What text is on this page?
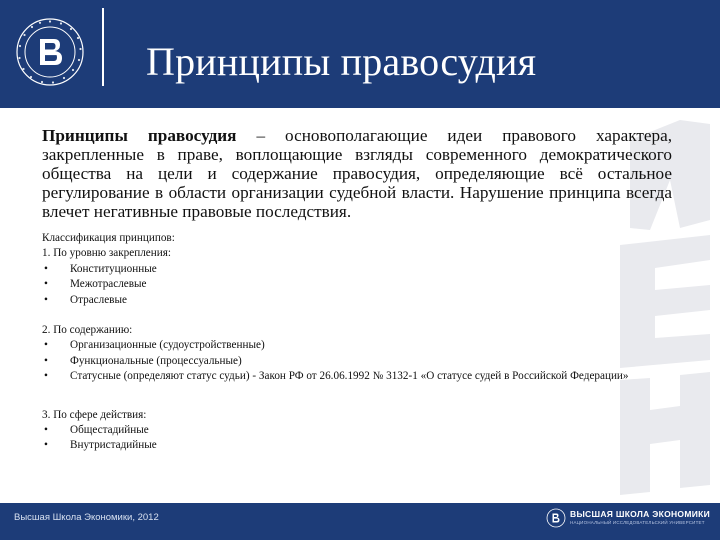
Принципы правосудия

Принципы правосудия – основополагающие идеи правового характера, закрепленные в праве, воплощающие взгляды современного демократического общества на цели и содержание правосудия, определяющие всё остальное регулирование в области организации судебной власти. Нарушение принципа всегда влечет негативные правовые последствия.

Классификация принципов:
1. По уровню закрепления:
• Конституционные
• Межотраслевые
• Отраслевые
2. По содержанию:
• Организационные (судоустройственные)
• Функциональные (процессуальные)
• Статусные (определяют статус судьи) - Закон РФ от 26.06.1992 № 3132-1 «О статусе судей в Российской Федерации»
3. По сфере действия:
• Общестадийные
• Внутристадийные
Высшая Школа Экономики, 2012	ВЫСШАЯ ШКОЛА ЭКОНОМИКИ
НАЦИОНАЛЬНЫЙ ИССЛЕДОВАТЕЛЬСКИЙ УНИВЕРСИТЕТ
